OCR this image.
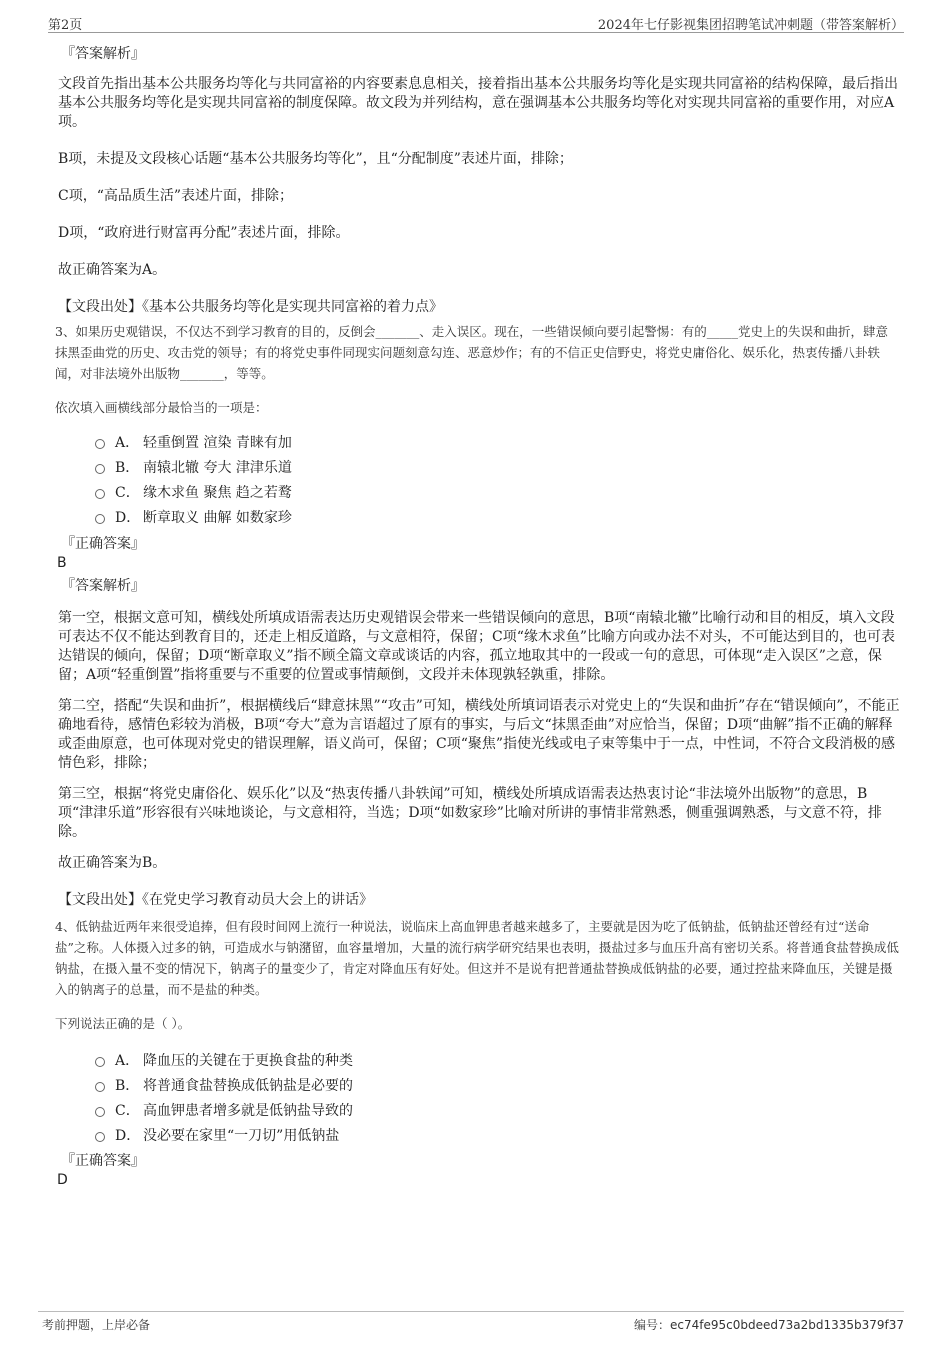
第2页	2024年七仔影视集团招聘笔试冲刺题（带答案解析）
『答案解析』
文段首先指出基本公共服务均等化与共同富裕的内容要素息息相关，接着指出基本公共服务均等化是实现共同富裕的结构保障，最后指出基本公共服务均等化是实现共同富裕的制度保障。故文段为并列结构，意在强调基本公共服务均等化对实现共同富裕的重要作用，对应A项。
B项，未提及文段核心话题“基本公共服务均等化”，且“分配制度”表述片面，排除；
C项，“高品质生活”表述片面，排除；
D项，“政府进行财富再分配”表述片面，排除。
故正确答案为A。
【文段出处】《基本公共服务均等化是实现共同富裕的着力点》
3、如果历史观错误，不仅达不到学习教育的目的，反倒会_______、走入误区。现在，一些错误倾向要引起警惕：有的_____党史上的失误和曲折，肆意抹黑歪曲党的历史、攻击党的领导；有的将党史事件同现实问题刻意勾连、恶意炒作；有的不信正史信野史，将党史庸俗化、娱乐化，热衷传播八卦轶闻，对非法境外出版物_______，等等。
依次填入画横线部分最恰当的一项是：
A． 轻重倒置 渲染 青睐有加
B． 南辕北辙 夸大 津津乐道
C． 缘木求鱼 聚焦 趋之若鹜
D． 断章取义 曲解 如数家珍
『正确答案』
B
『答案解析』
第一空，根据文意可知，横线处所填成语需表达历史观错误会带来一些错误倾向的意思，B项“南辕北辙”比喻行动和目的相反，填入文段可表达不仅不能达到教育目的，还走上相反道路，与文意相符，保留；C项“缘木求鱼”比喻方向或办法不对头，不可能达到目的，也可表达错误的倾向，保留；D项“断章取义”指不顾全篇文章或谈话的内容，孤立地取其中的一段或一句的意思，可体现“走入误区”之意，保留；A项“轻重倒置”指将重要与不重要的位置或事情颠倒，文段并未体现孰轻孰重，排除。
第二空，搭配“失误和曲折”，根据横线后“肆意抹黑”“攻击”可知，横线处所填词语表示对党史上的“失误和曲折”存在“错误倾向”，不能正确地看待，感情色彩较为消极，B项“夸大”意为言语超过了原有的事实，与后文“抹黑歪曲”对应恰当，保留；D项“曲解”指不正确的解释或歪曲原意，也可体现对党史的错误理解，语义尚可，保留；C项“聚焦”指使光线或电子束等集中于一点，中性词，不符合文段消极的感情色彩，排除；
第三空，根据“将党史庸俗化、娱乐化”以及“热衷传播八卦轶闻”可知，横线处所填成语需表达热衷讨论“非法境外出版物”的意思，B项“津津乐道”形容很有兴味地谈论，与文意相符，当选；D项“如数家珍”比喻对所讲的事情非常熟悉，侧重强调熟悉，与文意不符，排除。
故正确答案为B。
【文段出处】《在党史学习教育动员大会上的讲话》
4、低钠盐近两年来很受追捧，但有段时间网上流行一种说法，说临床上高血钾患者越来越多了，主要就是因为吃了低钠盐，低钠盐还曾经有过“送命盐”之称。人体摄入过多的钠，可造成水与钠潴留，血容量增加，大量的流行病学研究结果也表明，摄盐过多与血压升高有密切关系。将普通食盐替换成低钠盐，在摄入量不变的情况下，钠离子的量变少了，肯定对降血压有好处。但这并不是说有把普通盐替换成低钠盐的必要，通过控盐来降血压，关键是摄入的钠离子的总量，而不是盐的种类。
下列说法正确的是（ ）。
A． 降血压的关键在于更换食盐的种类
B． 将普通食盐替换成低钠盐是必要的
C． 高血钾患者增多就是低钠盐导致的
D． 没必要在家里“一刀切”用低钠盐
『正确答案』
D
考前押题，上岸必备	编号：ec74fe95c0bdeed73a2bd1335b379f37
